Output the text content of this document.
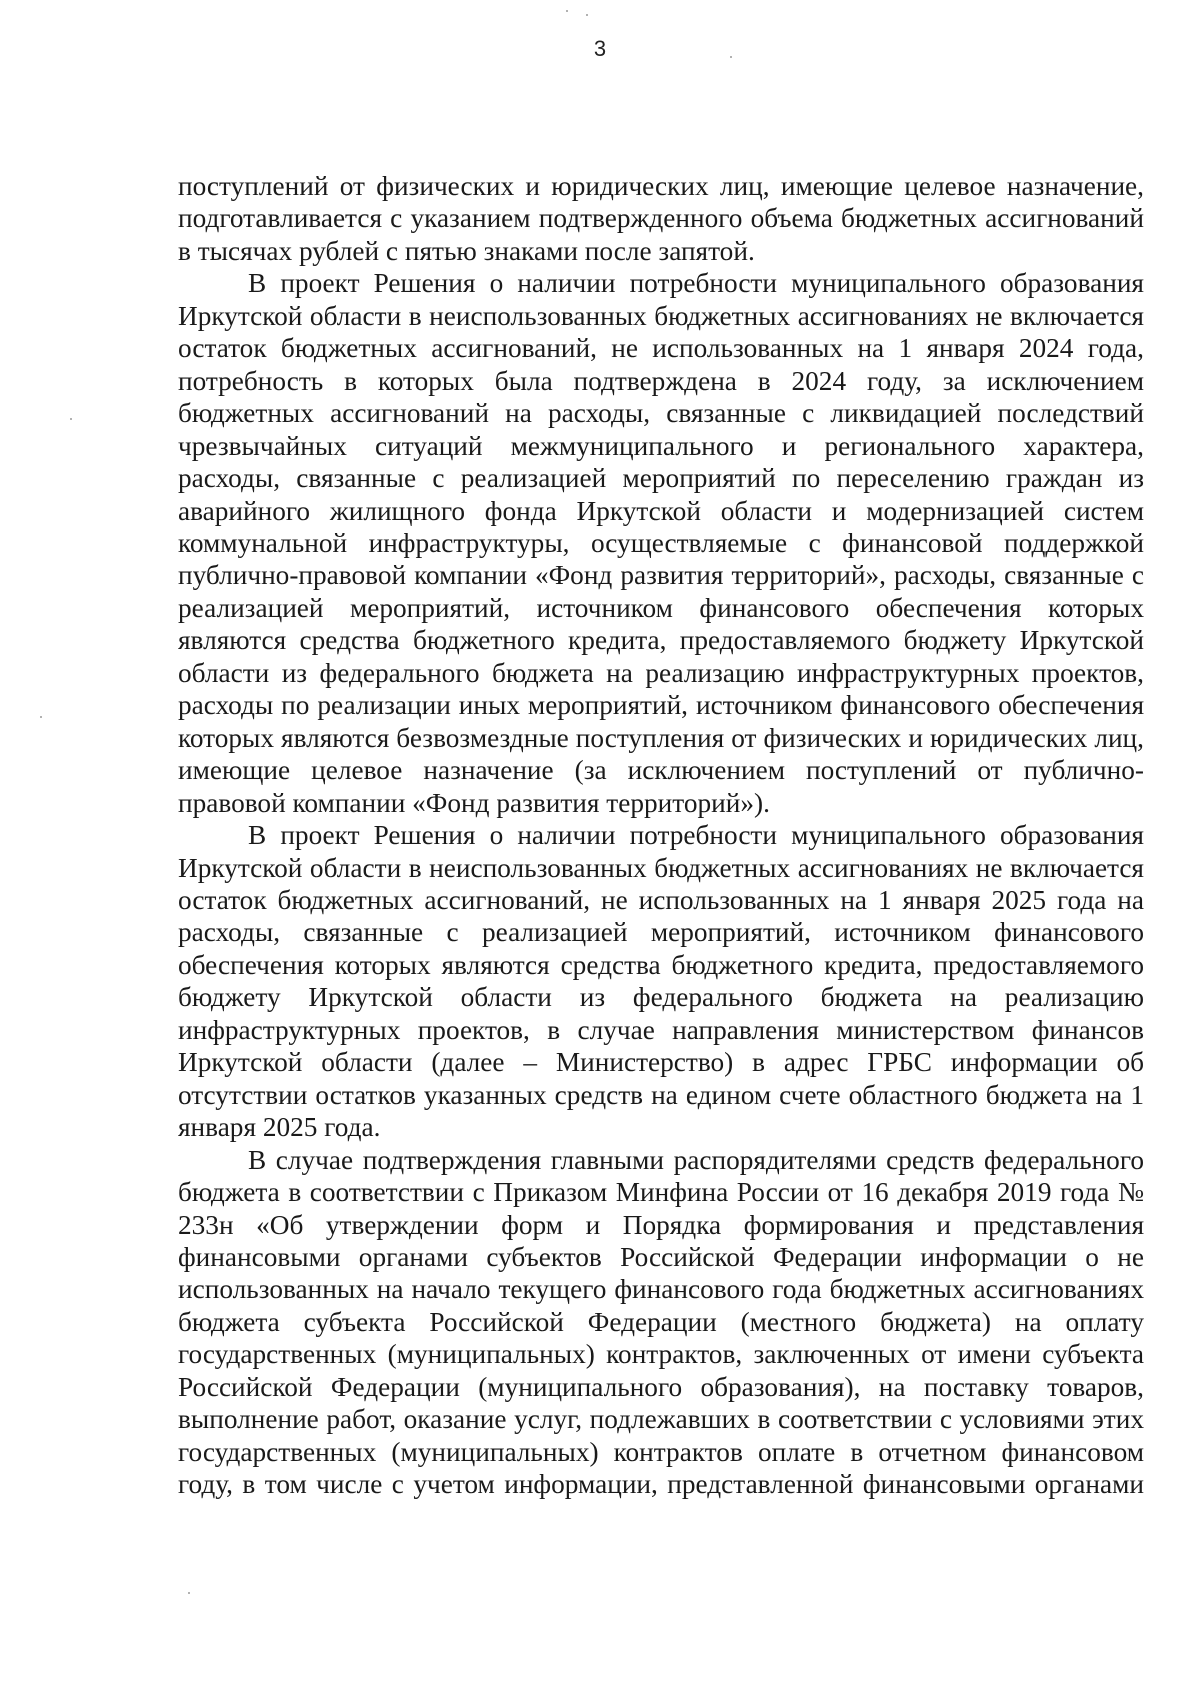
3

поступлений от физических и юридических лиц, имеющие целевое назначение, подготавливается с указанием подтвержденного объема бюджетных ассигнований в тысячах рублей с пятью знаками после запятой.

В проект Решения о наличии потребности муниципального образования Иркутской области в неиспользованных бюджетных ассигнованиях не включается остаток бюджетных ассигнований, не использованных на 1 января 2024 года, потребность в которых была подтверждена в 2024 году, за исключением бюджетных ассигнований на расходы, связанные с ликвидацией последствий чрезвычайных ситуаций межмуниципального и регионального характера, расходы, связанные с реализацией мероприятий по переселению граждан из аварийного жилищного фонда Иркутской области и модернизацией систем коммунальной инфраструктуры, осуществляемые с финансовой поддержкой публично-правовой компании «Фонд развития территорий», расходы, связанные с реализацией мероприятий, источником финансового обеспечения которых являются средства бюджетного кредита, предоставляемого бюджету Иркутской области из федерального бюджета на реализацию инфраструктурных проектов, расходы по реализации иных мероприятий, источником финансового обеспечения которых являются безвозмездные поступления от физических и юридических лиц, имеющие целевое назначение (за исключением поступлений от публично-правовой компании «Фонд развития территорий»).

В проект Решения о наличии потребности муниципального образования Иркутской области в неиспользованных бюджетных ассигнованиях не включается остаток бюджетных ассигнований, не использованных на 1 января 2025 года на расходы, связанные с реализацией мероприятий, источником финансового обеспечения которых являются средства бюджетного кредита, предоставляемого бюджету Иркутской области из федерального бюджета на реализацию инфраструктурных проектов, в случае направления министерством финансов Иркутской области (далее – Министерство) в адрес ГРБС информации об отсутствии остатков указанных средств на едином счете областного бюджета на 1 января 2025 года.

В случае подтверждения главными распорядителями средств федерального бюджета в соответствии с Приказом Минфина России от 16 декабря 2019 года № 233н «Об утверждении форм и Порядка формирования и представления финансовыми органами субъектов Российской Федерации информации о не использованных на начало текущего финансового года бюджетных ассигнованиях бюджета субъекта Российской Федерации (местного бюджета) на оплату государственных (муниципальных) контрактов, заключенных от имени субъекта Российской Федерации (муниципального образования), на поставку товаров, выполнение работ, оказание услуг, подлежавших в соответствии с условиями этих государственных (муниципальных) контрактов оплате в отчетном финансовом году, в том числе с учетом информации, представленной финансовыми органами
